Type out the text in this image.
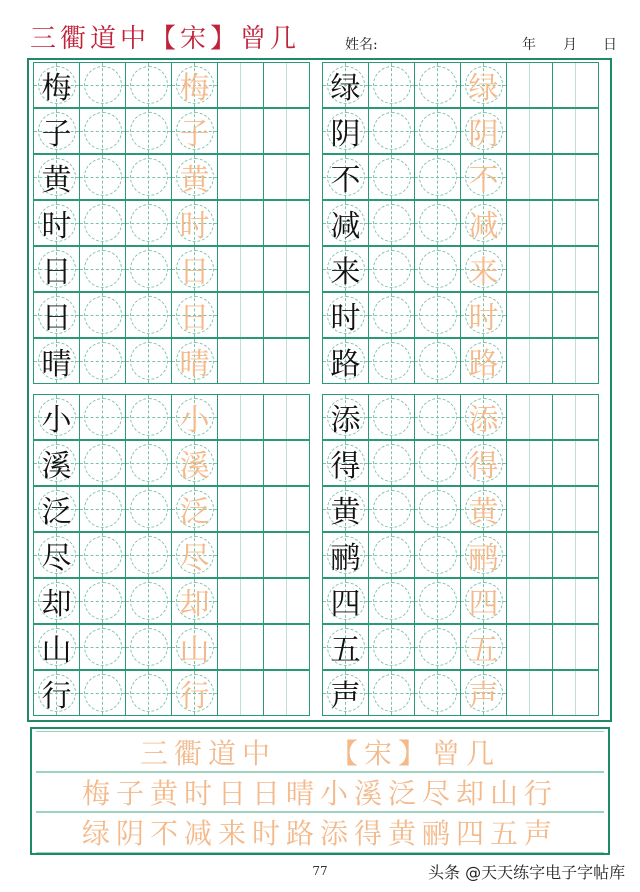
三衢道中【宋】曾几	姓名:	年 月 日
梅	梅
子	子
黄	黄
时	时
日	日
日	日
晴	晴
绿	绿
阴	阴
不	不
减	减
来	来
时	时
路	路
小	小
溪	溪
泛	泛
尽	尽
却	却
山	山
行	行
添	添
得	得
黄	黄
鹂	鹂
四	四
五	五
声	声
三衢道中　　【宋】曾几
梅子黄时日日晴小溪泛尽却山行
绿阴不减来时路添得黄鹂四五声
77	头条 @天天练字电子字帖库
